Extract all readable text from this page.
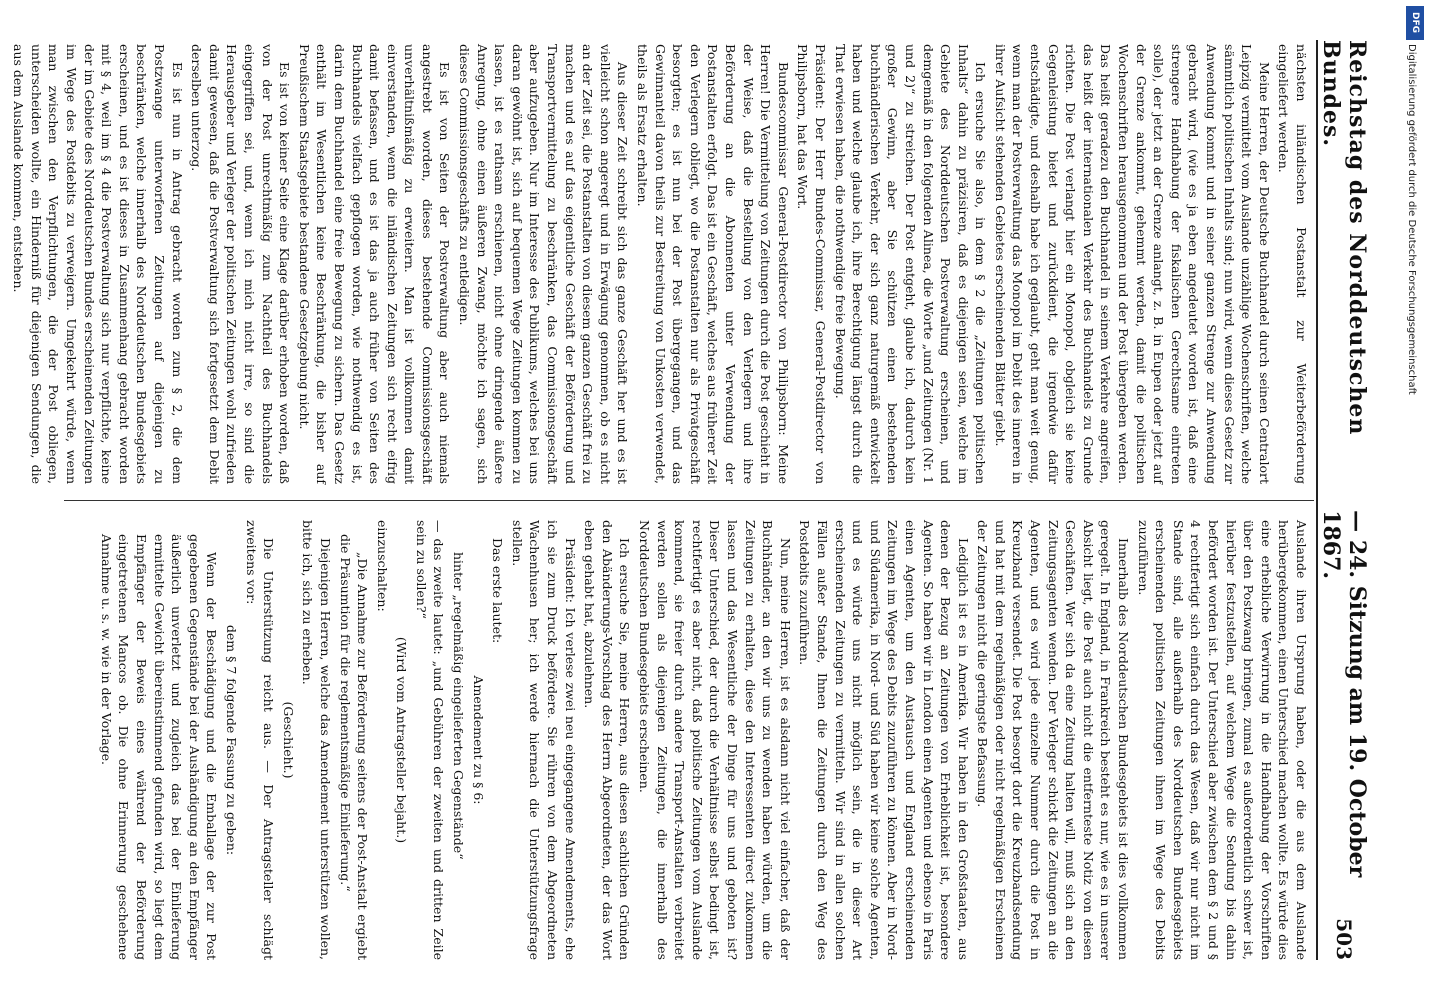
Reichstag des Norddeutschen Bundes.
— 24. Sitzung am 19. October 1867.
503

nächsten inländischen Postanstalt zur Weiterbeförderung eingeliefert werden.

Meine Herren, der Deutsche Buchhandel durch seinen Centralort Leipzig vermittelt vom Auslande unzählige Wochenschriften, welche sämmtlich politischen Inhalts sind; nun wird, wenn dieses Gesetz zur Anwendung kommt und in seiner ganzen Strenge zur Anwendung gebracht wird, (wie es ja eben angedeutet worden ist, daß eine strengere Handhabung der fiskalischen Gerechtsame eintreten solle), der jetzt an der Grenze anlangt, z. B. in Eupen oder jetzt auf der Grenze ankommt, gehemmt werden, damit die politischen Wochenschriften herausgenommen und der Post übergeben werden. Das heißt geradezu den Buchhandel in seinem Verkehre angreifen, das heißt der internationalen Verkehr des Buchhandels zu Grunde richten. Die Post verlangt hier ein Monopol, obgleich sie keine Gegenleistung bietet und zurückdient, die irgendwie dafür entschädigte, und deshalb habe ich geglaubt, geht man weit genug, wenn man der Postverwaltung das Monopol im Debit des inneren in ihrer Aufsicht stehenden Gebietes erscheinenden Blätter giebt.

Ich ersuche Sie also, in dem § 2 die „Zeitungen politischen Inhalts“ dahin zu präzisiren, daß es diejenigen seien, welche im Gebiete des Norddeutschen Postverwaltung erscheinen, und demgemäß in den folgenden Alinea, die Worte „und Zeitungen (Nr. 1 und 2)“ zu streichen. Der Post entgeht, glaube ich, dadurch kein großer Gewinn, aber Sie schützen einen bestehenden buchhändlerischen Verkehr, der sich ganz naturgemäß entwickelt haben und welche glaube ich, ihre Berechtigung längst durch die That erwiesen haben, die nothwendige freie Bewegung.

Präsident: Der Herr Bundes-Commissar, General-Postdirector von Philipsborn, hat das Wort.

Bundescommissar General-Postdirector von Philipsborn: Meine Herren! Die Vermittelung von Zeitungen durch die Post geschieht in der Weise, daß die Bestellung von den Verlegern und ihre Beförderung an die Abonnenten unter Verwendung der Postanstalten erfolgt. Das ist ein Geschäft, welches aus früherer Zeit den Verlegern obliegt, wo die Postanstalten nur als Privatgeschäft besorgten; es ist nun bei der Post übergegangen, und das Gewinnanteil davon theils zur Bestreitung von Unkosten verwendet, theils als Ersatz erhalten.

Aus dieser Zeit schreibt sich das ganze Geschäft her und es ist vielleicht schon angeregt und in Erwägung genommen, ob es nicht an der Zeit sei, die Postanstalten von diesem ganzen Geschäft frei zu machen und es auf das eigentliche Geschäft der Beförderung und Transportvermittelung zu beschränken, das Commissionsgeschäft aber aufzugeben. Nur im Interesse des Publikums, welches bei uns daran gewöhnt ist, sich auf bequemen Wege Zeitungen kommen zu lassen, ist es rathsam erschienen, nicht ohne dringende äußere Anregung, ohne einen äußeren Zwang, möchte ich sagen, sich dieses Commissionsgeschäfts zu entledigen.

Es ist von Seiten der Postverwaltung aber auch niemals angestrebt worden, dieses bestehende Commissionsgeschäft unverhältnißmäßig zu erweitern. Man ist vollkommen damit einverstanden, wenn die inländischen Zeitungen sich recht eifrig damit befassen, und es ist das ja auch früher von Seiten des Buchhandels vielfach gepflogen worden, wie nothwendig es ist, darin dem Buchhandel eine freie Bewegung zu sichern. Das Gesetz enthält im Wesentlichen keine Beschränkung, die bisher auf Preußischem Staatsgebiete bestandene Gesetzgebung nicht.

Es ist von keiner Seite eine Klage darüber erhoben worden, daß von der Post unrechtmäßig zum Nachtheil des Buchhandels eingegriffen sei, und, wenn ich mich nicht irre, so sind die Herausgeber und Verleger der politischen Zeitungen wohl zufrieden damit gewesen, daß die Postverwaltung sich fortgesetzt dem Debit derselben unterzog.

Es ist nun in Antrag gebracht worden zum § 2, die dem Postzwange unterworfenen Zeitungen auf diejenigen zu beschränken, welche innerhalb des Norddeutschen Bundesgebiets erscheinen, und es ist dieses in Zusammenhang gebracht worden mit § 4, weil im § 4 die Postverwaltung sich nur verpflichte, keine der im Gebiete des Norddeutschen Bundes erscheinenden Zeitungen im Wege des Postdebits zu verweigern. Umgekehrt würde, wenn man zwischen den Verpflichtungen, die der Post obliegen, unterscheiden wollte, ein Hinderniß für diejenigen Sendungen, die aus dem Auslande kommen, entstehen.

Auslande ihren Ursprung haben, oder die aus dem Auslande herübergekommen, einen Unterschied machen wollte. Es würde dies eine erhebliche Verwirrung in die Handhabung der Vorschriften über den Postzwang bringen, zumal es außerordentlich schwer ist, hierüber festzustellen, auf welchem Wege die Sendung bis dahin befördert worden ist. Der Unterschied aber zwischen dem § 2 und § 4 rechtfertigt sich einfach durch das Wesen, daß wir nur nicht im Stande sind, alle außerhalb des Norddeutschen Bundesgebiets erscheinenden politischen Zeitungen ihnen im Wege des Debits zuzuführen.

Innerhalb des Norddeutschen Bundesgebiets ist dies vollkommen geregelt. In England, in Frankreich besteht es nur, wie es in unserer Absicht liegt, die Post auch nicht die entfernteste Notiz von diesen Geschäften. Wer sich da eine Zeitung halten will, muß sich an den Zeitungsagenten wenden. Der Verleger schickt die Zeitungen an die Agenten, und es wird jede einzelne Nummer durch die Post in Kreuzband versendet. Die Post besorgt dort die Kreuzbandsendung und hat mit dem regelmäßigen oder nicht regelmäßigen Erscheinen der Zeitungen nicht die geringste Befassung.

Lediglich ist es in Amerika. Wir haben in den Großstaaten, aus denen der Bezug an Zeitungen von Erheblichkeit ist, besondere Agenten. So haben wir in London einen Agenten und ebenso in Paris einen Agenten, um den Austausch und England erscheinenden Zeitungen im Wege des Debits zuzuführen zu können. Aber in Nord- und Südamerika, in Nord- und Süd haben wir keine solche Agenten, und es würde uns nicht möglich sein, die in dieser Art erscheinenden Zeitungen zu vermitteln. Wir sind in allen solchen Fällen außer Stande, Ihnen die Zeitungen durch den Weg des Postdebits zuzuführen.

Nun, meine Herren, ist es alsdann nicht viel einfacher, daß der Buchhändler, an den wir uns zu wenden haben würden, um die Zeitungen zu erhalten, diese den Interessenten direct zukommen lassen und das Wesentliche der Dinge für uns und geboten ist? Dieser Unterschied, der durch die Verhältnisse selbst bedingt ist, rechtfertigt es aber nicht, daß politische Zeitungen vom Auslande kommend, sie freier durch andere Transport-Anstalten verbreitet werden sollen als diejenigen Zeitungen, die innerhalb des Norddeutschen Bundesgebiets erscheinen.

Ich ersuche Sie, meine Herren, aus diesen sachlichen Gründen den Abänderungs-Vorschlag des Herrn Abgeordneten, der das Wort eben gehabt hat, abzulehnen.

Präsident: Ich verlese zwei neu eingegangene Amendements, ehe ich sie zum Druck befördere. Sie rühren von dem Abgeordneten Wachenhusen her; ich werde hiernach die Unterstützungsfrage stellen.

Das erste lautet:

Amendement zu § 6:

hinter „regelmäßig eingelieferten Gegenstände“

— das zweite lautet: „und Gebühren der zweiten und dritten Zeile sein zu sollen?“

(Wird vom Antragsteller bejaht.)

einzuschalten:

„Die Annahme zur Beförderung seitens der Post-Anstalt ergiebt die Präsumtion für die reglementsmäßige Einlieferung.“

Diejenigen Herren, welche das Amendement unterstützen wollen, bitte ich, sich zu erheben.

(Geschieht.)

Die Unterstützung reicht aus. — Der Antragsteller schlägt zweitens vor:

dem § 7 folgende Fassung zu geben:

Wenn der Beschädigung und die Emballage der zur Post gegebenen Gegenstände bei der Aushändigung an den Empfänger äußerlich unverletzt und zugleich das bei der Einlieferung ermittelte Gewicht übereinstimmend gefunden wird, so liegt dem Empfänger der Beweis eines während der Beförderung eingetretenen Mancos ob. Die ohne Erinnerung geschehene Annahme u. s. w. wie in der Vorlage.

DFG
Digitalisierung gefördert durch die Deutsche Forschungsgemeinschaft
